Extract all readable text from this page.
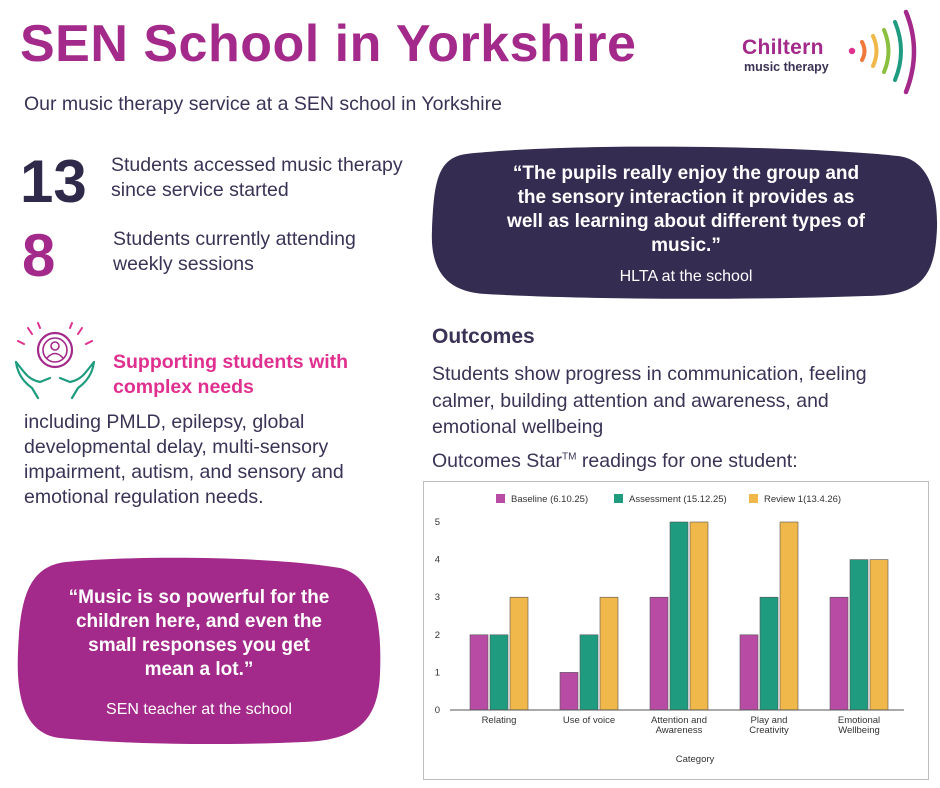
SEN School in Yorkshire
Our music therapy service at a SEN school in Yorkshire
Chiltern
music therapy
13 Students accessed music therapy since service started
8	Students currently attending weekly sessions
Supporting students with complex needs
including PMLD, epilepsy, global developmental delay, multi-sensory impairment, autism, and sensory and emotional regulation needs.
“The pupils really enjoy the group and
the sensory interaction it provides as
well as learning about different types of
music.”
HLTA at the school
“Music is so powerful for the
children here, and even the
small responses you get
mean a lot.”
SEN teacher at the school
Outcomes
Students show progress in communication, feeling calmer, building attention and awareness, and emotional wellbeing
Outcomes Star™ readings for one student:
Baseline (6.10.25)	Assessment (15.12.25)	Review 1(13.4.26)
0
1
2
3
4
5
Relating	Use of voice	Attention and
Awareness
Play and
Creativity
Emotional
Wellbeing
Category
